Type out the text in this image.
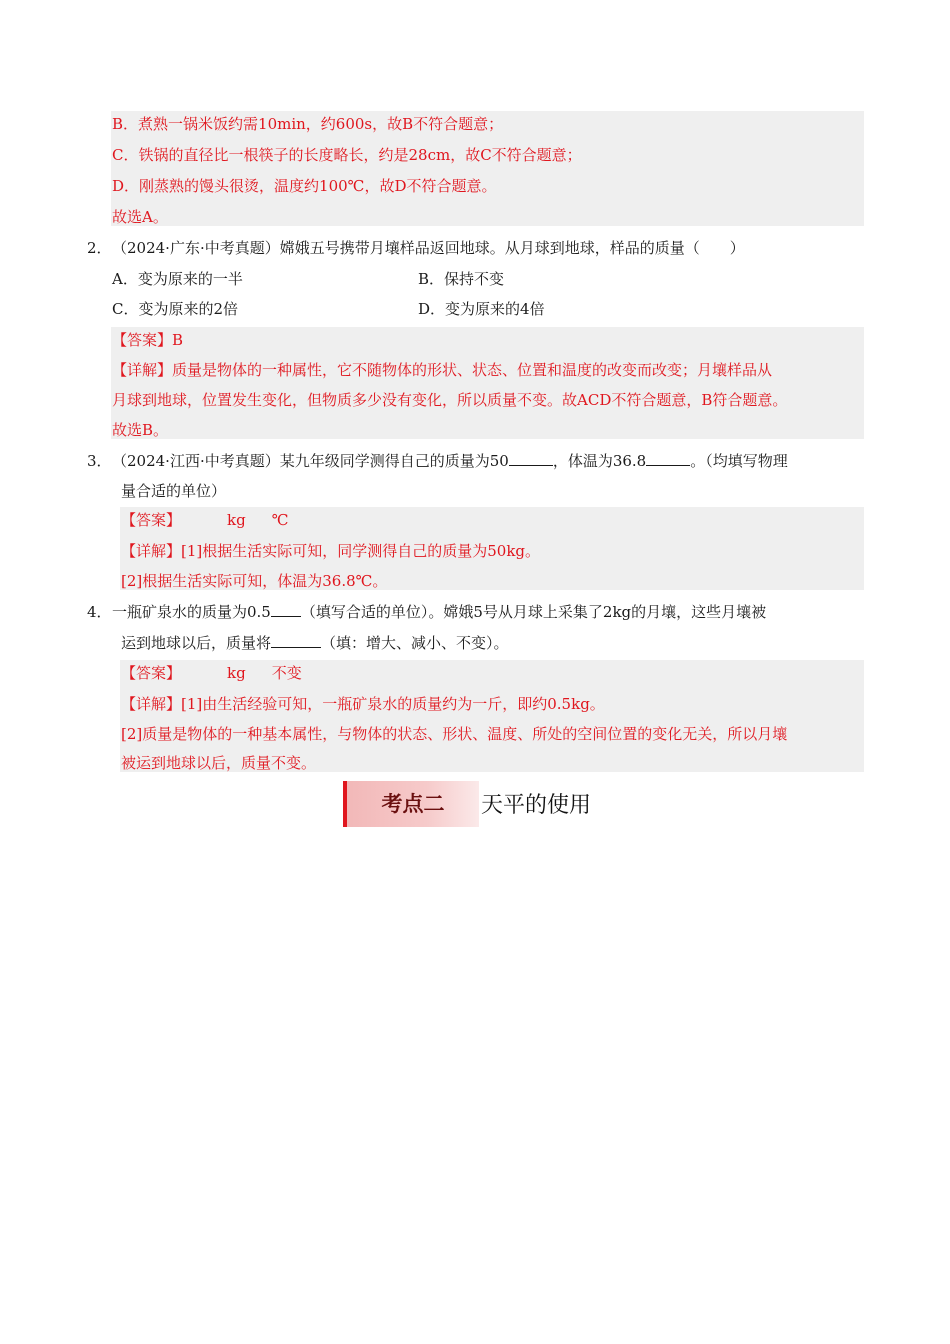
B．煮熟一锅米饭约需10min，约600s，故B不符合题意；
C．铁锅的直径比一根筷子的长度略长，约是28cm，故C不符合题意；
D．刚蒸熟的馒头很烫，温度约100℃，故D不符合题意。
故选A。
2． （2024·广东·中考真题）嫦娥五号携带月壤样品返回地球。从月球到地球，样品的质量（　　）
A．变为原来的一半	B．保持不变
C．变为原来的2倍	D．变为原来的4倍
【答案】B
【详解】质量是物体的一种属性，它不随物体的形状、状态、位置和温度的改变而改变；月壤样品从
月球到地球，位置发生变化，但物质多少没有变化，所以质量不变。故ACD不符合题意，B符合题意。
故选B。
3． （2024·江西·中考真题）某九年级同学测得自己的质量为50	，体温为36.8	。（均填写物理
量合适的单位）
【答案】	kg ℃
【详解】[1]根据生活实际可知，同学测得自己的质量为50kg。
[2]根据生活实际可知，体温为36.8℃。
4． 一瓶矿泉水的质量为0.5 （填写合适的单位）。嫦娥5号从月球上采集了2kg的月壤，这些月壤被
运到地球以后，质量将	（填：增大、减小、不变）。
【答案】	kg 不变
【详解】[1]由生活经验可知，一瓶矿泉水的质量约为一斤，即约0.5kg。
[2]质量是物体的一种基本属性，与物体的状态、形状、温度、所处的空间位置的变化无关，所以月壤
被运到地球以后，质量不变。
考点二	天平的使用
